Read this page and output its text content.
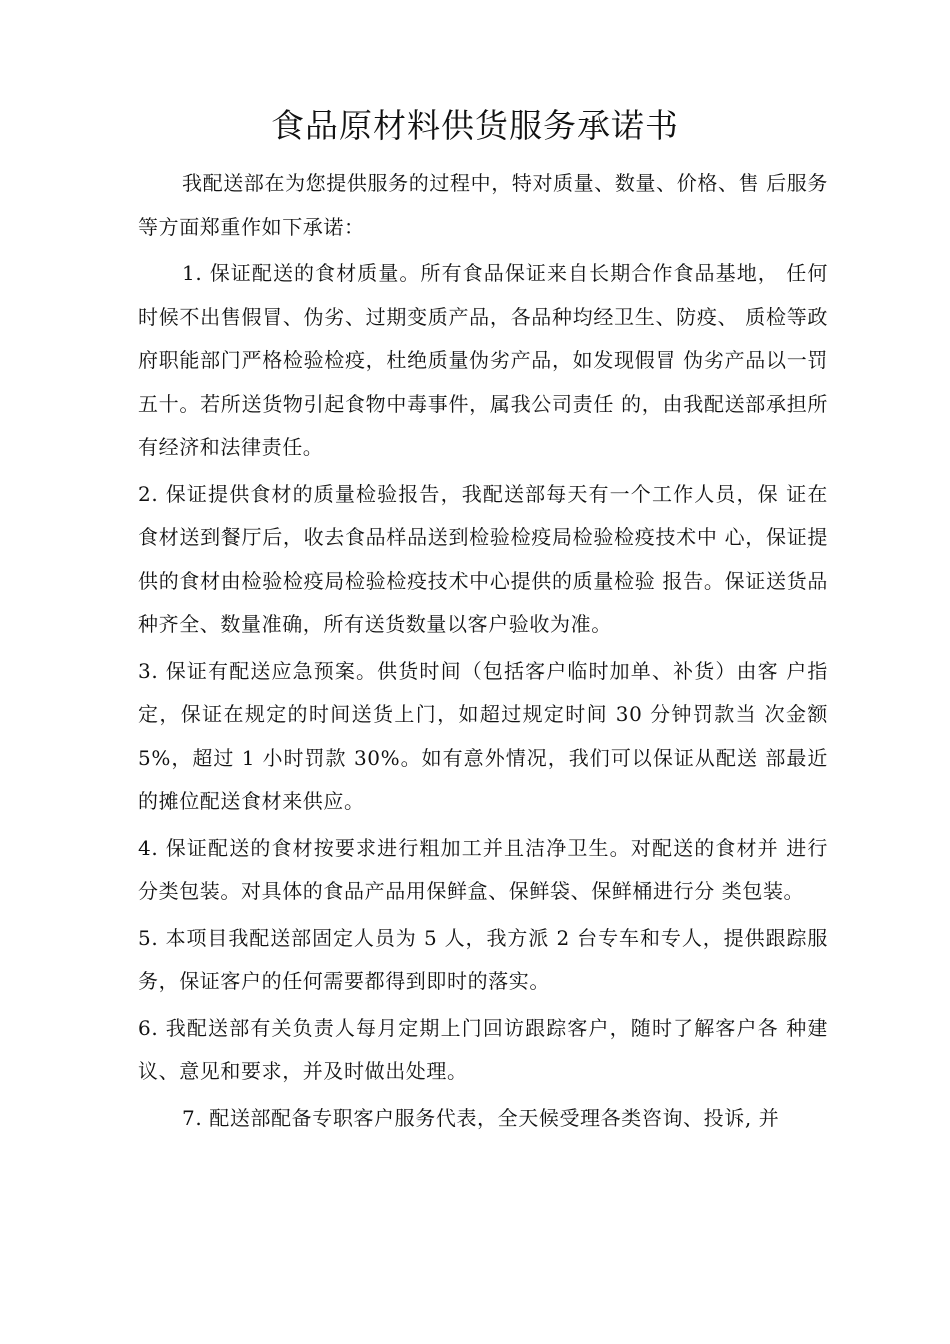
食品原材料供货服务承诺书

我配送部在为您提供服务的过程中，特对质量、数量、价格、售 后服务等方面郑重作如下承诺：

1. 保证配送的食材质量。所有食品保证来自长期合作食品基地， 任何时候不出售假冒、伪劣、过期变质产品，各品种均经卫生、防疫、 质检等政府职能部门严格检验检疫，杜绝质量伪劣产品，如发现假冒 伪劣产品以一罚五十。若所送货物引起食物中毒事件，属我公司责任 的，由我配送部承担所有经济和法律责任。

2. 保证提供食材的质量检验报告，我配送部每天有一个工作人员，保 证在食材送到餐厅后，收去食品样品送到检验检疫局检验检疫技术中 心，保证提供的食材由检验检疫局检验检疫技术中心提供的质量检验 报告。保证送货品种齐全、数量准确，所有送货数量以客户验收为准。

3. 保证有配送应急预案。供货时间（包括客户临时加单、补货）由客 户指定，保证在规定的时间送货上门，如超过规定时间 30 分钟罚款当 次金额 5%，超过 1 小时罚款 30%。如有意外情况，我们可以保证从配送 部最近的摊位配送食材来供应。

4. 保证配送的食材按要求进行粗加工并且洁净卫生。对配送的食材并 进行分类包装。对具体的食品产品用保鲜盒、保鲜袋、保鲜桶进行分 类包装。

5. 本项目我配送部固定人员为 5 人，我方派 2 台专车和专人，提供跟踪服务，保证客户的任何需要都得到即时的落实。

6. 我配送部有关负责人每月定期上门回访跟踪客户，随时了解客户各 种建议、意见和要求，并及时做出处理。

7. 配送部配备专职客户服务代表，全天候受理各类咨询、投诉, 并
